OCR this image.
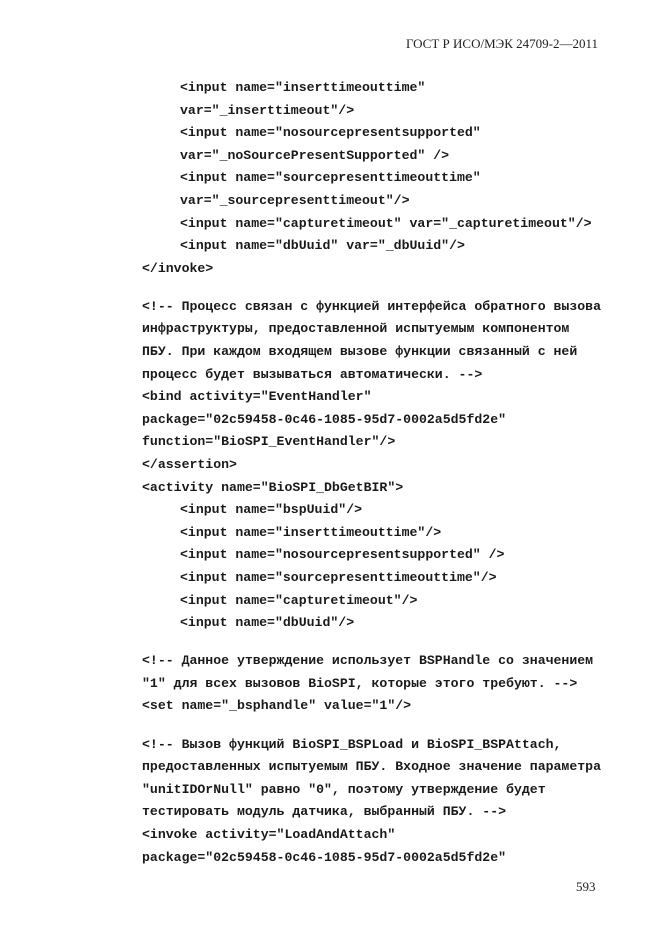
ГОСТ Р ИСО/МЭК 24709-2—2011
<input name="inserttimeouttime"
var="_inserttimeout"/>
<input name="nosourcepresentsupported"
var="_noSourcePresentSupported" />
<input name="sourcepresenttimeouttime"
var="_sourcepresenttimeout"/>
<input name="capturetimeout" var="_capturetimeout"/>
<input name="dbUuid" var="_dbUuid"/>
</invoke>
<!-- Процесс связан с функцией интерфейса обратного вызова
инфраструктуры, предоставленной испытуемым компонентом
ПБУ. При каждом входящем вызове функции связанный с ней
процесс будет вызываться автоматически. -->
<bind activity="EventHandler"
package="02c59458-0c46-1085-95d7-0002a5d5fd2e"
function="BioSPI_EventHandler"/>
</assertion>
<activity name="BioSPI_DbGetBIR">
<input name="bspUuid"/>
<input name="inserttimeouttime"/>
<input name="nosourcepresentsupported" />
<input name="sourcepresenttimeouttime"/>
<input name="capturetimeout"/>
<input name="dbUuid"/>
<!-- Данное утверждение использует BSPHandle со значением
"1" для всех вызовов BioSPI, которые этого требуют. -->
<set name="_bsphandle" value="1"/>
<!-- Вызов функций BioSPI_BSPLoad и BioSPI_BSPAttach,
предоставленных испытуемым ПБУ. Входное значение параметра
"unitIDOrNull" равно "0", поэтому утверждение будет
тестировать модуль датчика, выбранный ПБУ. -->
<invoke activity="LoadAndAttach"
package="02c59458-0c46-1085-95d7-0002a5d5fd2e"
593
